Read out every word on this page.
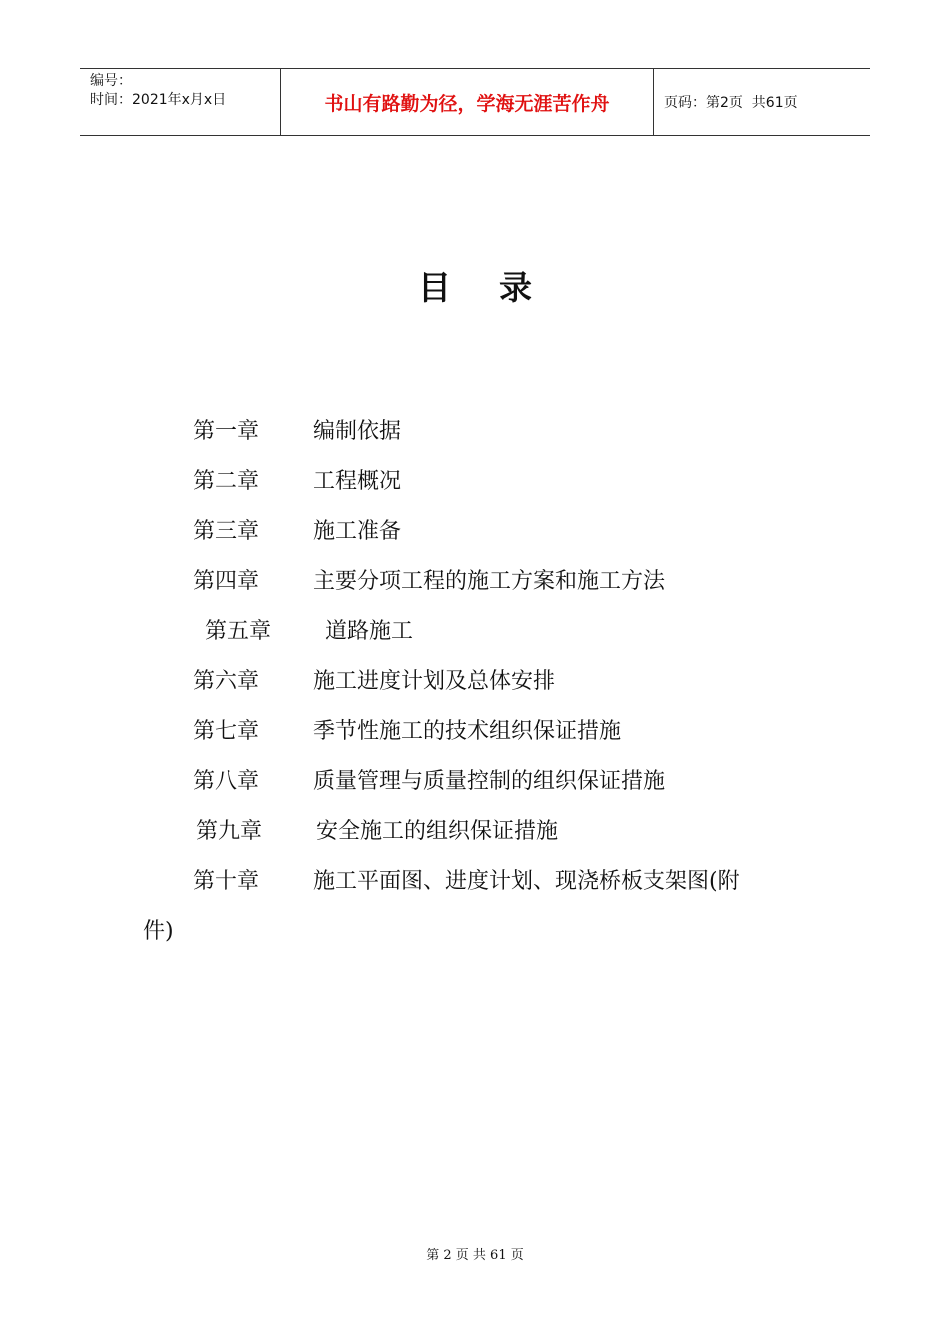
编号：
时间：2021年x月x日	书山有路勤为径，学海无涯苦作舟	页码：第2页  共61页
目录
第一章 编制依据
第二章 工程概况
第三章 施工准备
第四章 主要分项工程的施工方案和施工方法
第五章 道路施工
第六章 施工进度计划及总体安排
第七章 季节性施工的技术组织保证措施
第八章 质量管理与质量控制的组织保证措施
第九章 安全施工的组织保证措施
第十章 施工平面图、进度计划、现浇桥板支架图(附
件)
第 2 页 共 61 页
